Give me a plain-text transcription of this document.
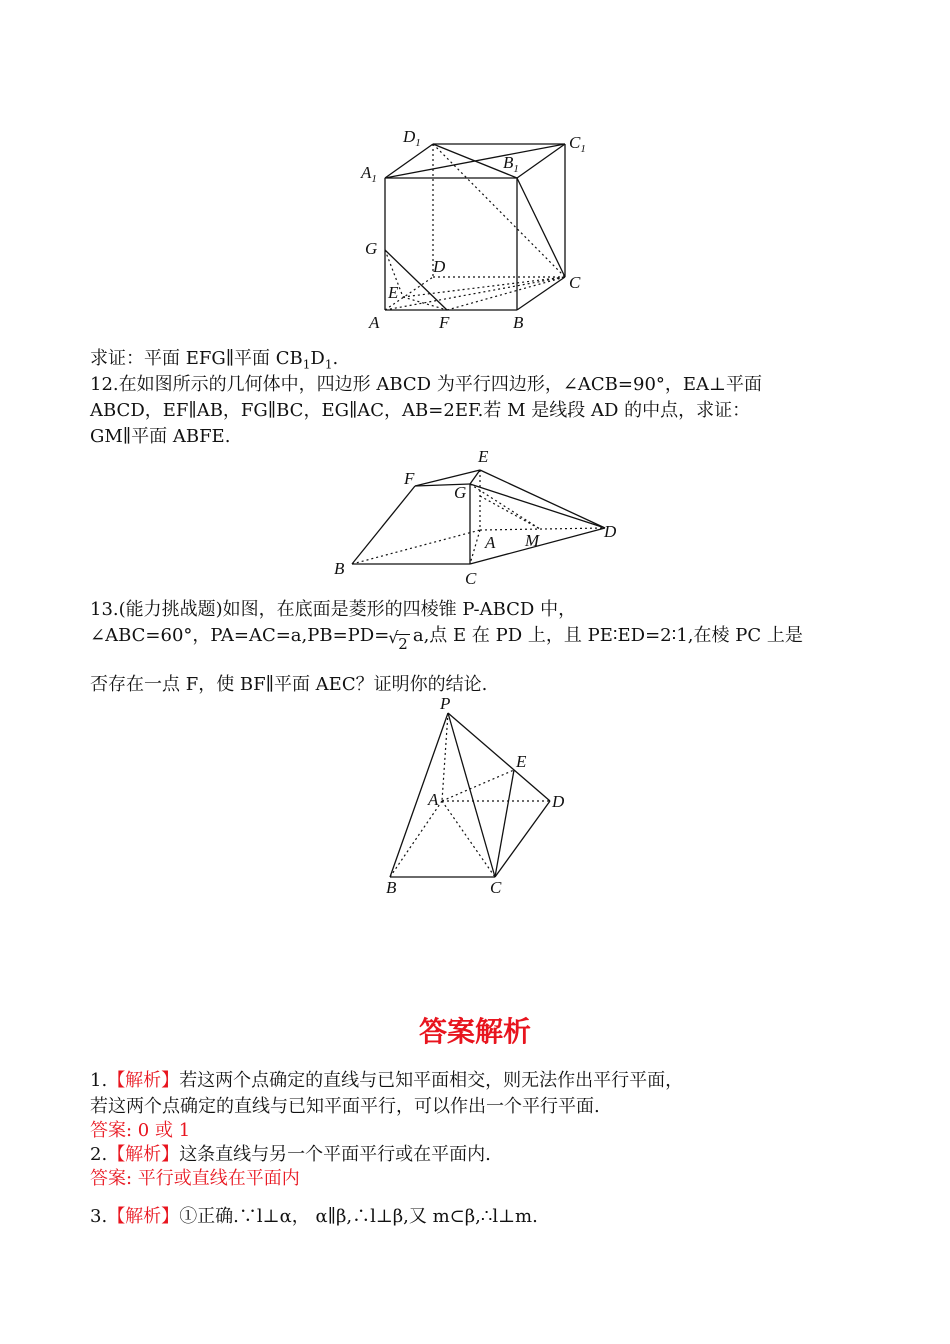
$D_1$	$C_1$
$A_1$
$B_1$
G
D
C
E
A	F	B
求证：平面 EFG∥平面 $CB_1D_1$.
12.在如图所示的几何体中，四边形 ABCD 为平行四边形，∠ACB=90°，EA⊥平面
ABCD，EF∥AB，FG∥BC，EG∥AC，AB=2EF.若 M 是线段 AD 的中点，求证：
GM∥平面 ABFE.
F
E
G
A M	D
B
C
13.(能力挑战题)如图，在底面是菱形的四棱锥 P-ABCD 中，
∠ABC=60°，PA=AC=a,PB=PD= √ 2 a,点 E 在 PD 上，且 PE∶ED=2∶1,在棱 PC 上是
否存在一点 F，使 BF∥平面 AEC？证明你的结论.
P
E
A	D
B	C
答案解析
1.【解析】若这两个点确定的直线与已知平面相交，则无法作出平行平面，
若这两个点确定的直线与已知平面平行，可以作出一个平行平面.
答案: 0 或 1
2.【解析】这条直线与另一个平面平行或在平面内.
答案: 平行或直线在平面内
3.【解析】①正确.∵l⊥α， α∥β,∴l⊥β,又 m⊂β,∴l⊥m.
